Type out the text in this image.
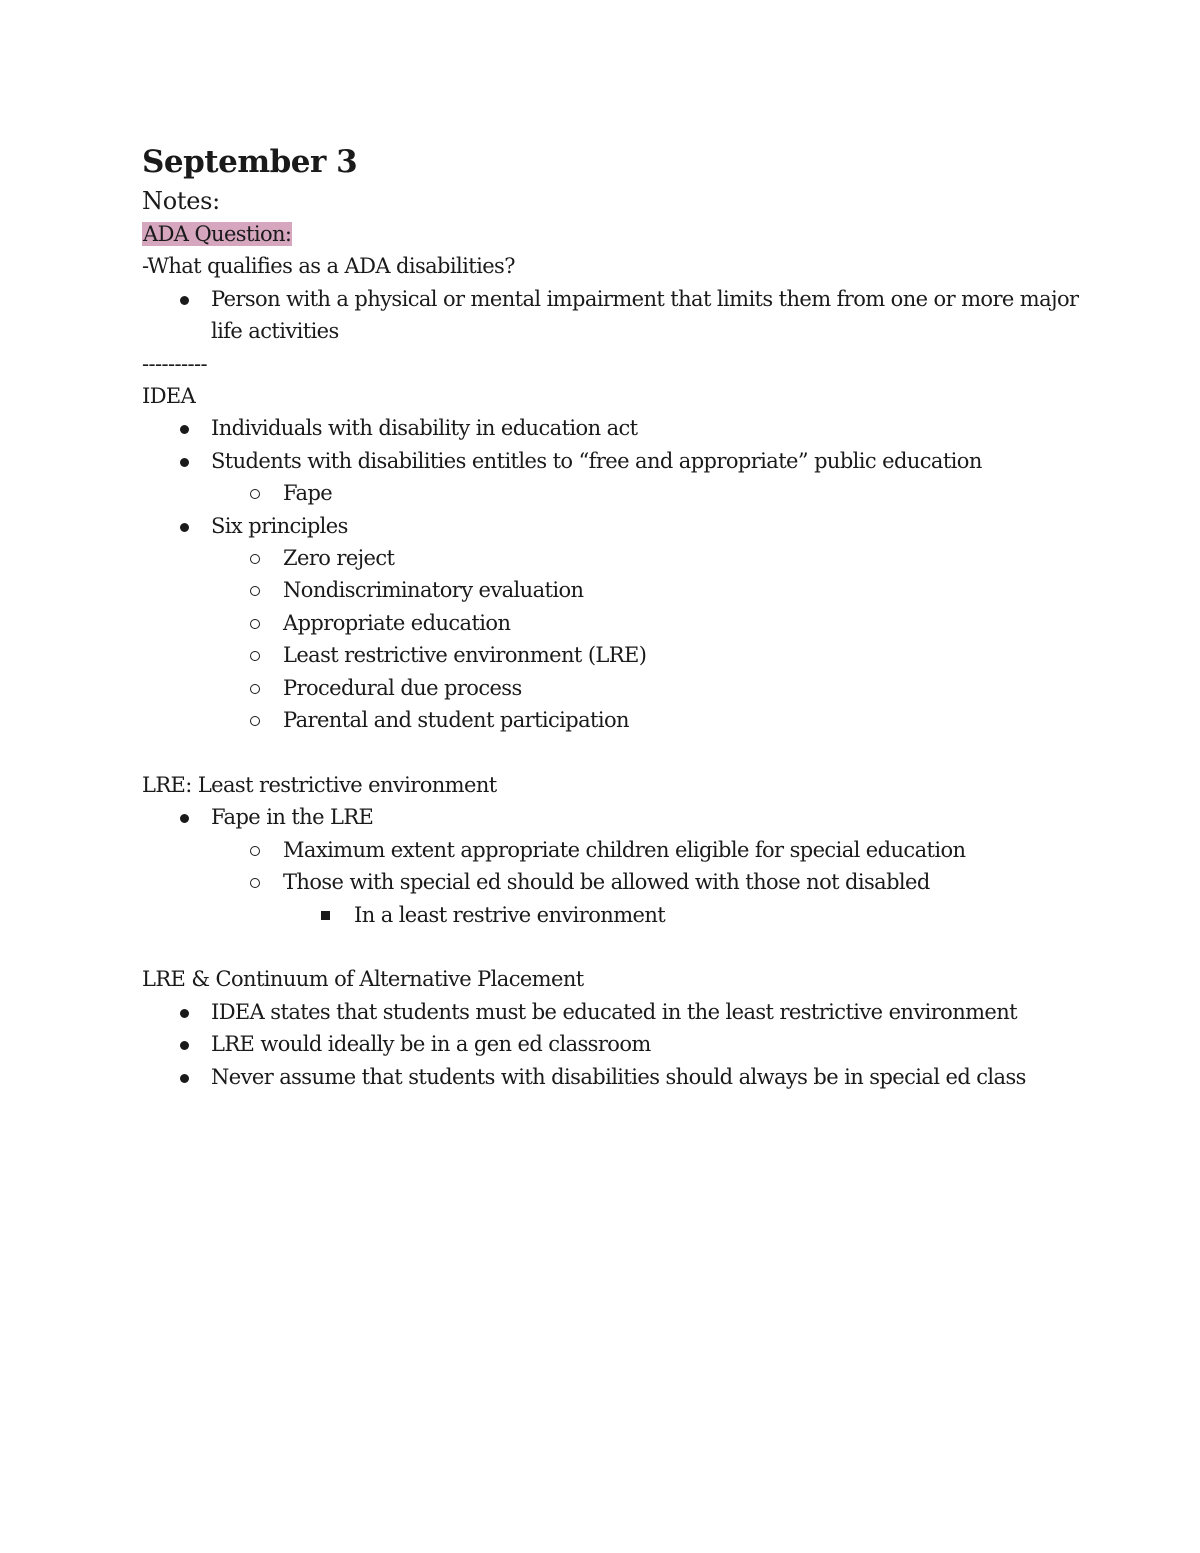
September 3
Notes:
ADA Question:
-What qualifies as a ADA disabilities?
Person with a physical or mental impairment that limits them from one or more major life activities
----------
IDEA
Individuals with disability in education act
Students with disabilities entitles to “free and appropriate” public education
Fape
Six principles
Zero reject
Nondiscriminatory evaluation
Appropriate education
Least restrictive environment (LRE)
Procedural due process
Parental and student participation
LRE: Least restrictive environment
Fape in the LRE
Maximum extent appropriate children eligible for special education
Those with special ed should be allowed with those not disabled
In a least restrive environment
LRE & Continuum of Alternative Placement
IDEA states that students must be educated in the least restrictive environment
LRE would ideally be in a gen ed classroom
Never assume that students with disabilities should always be in special ed class
